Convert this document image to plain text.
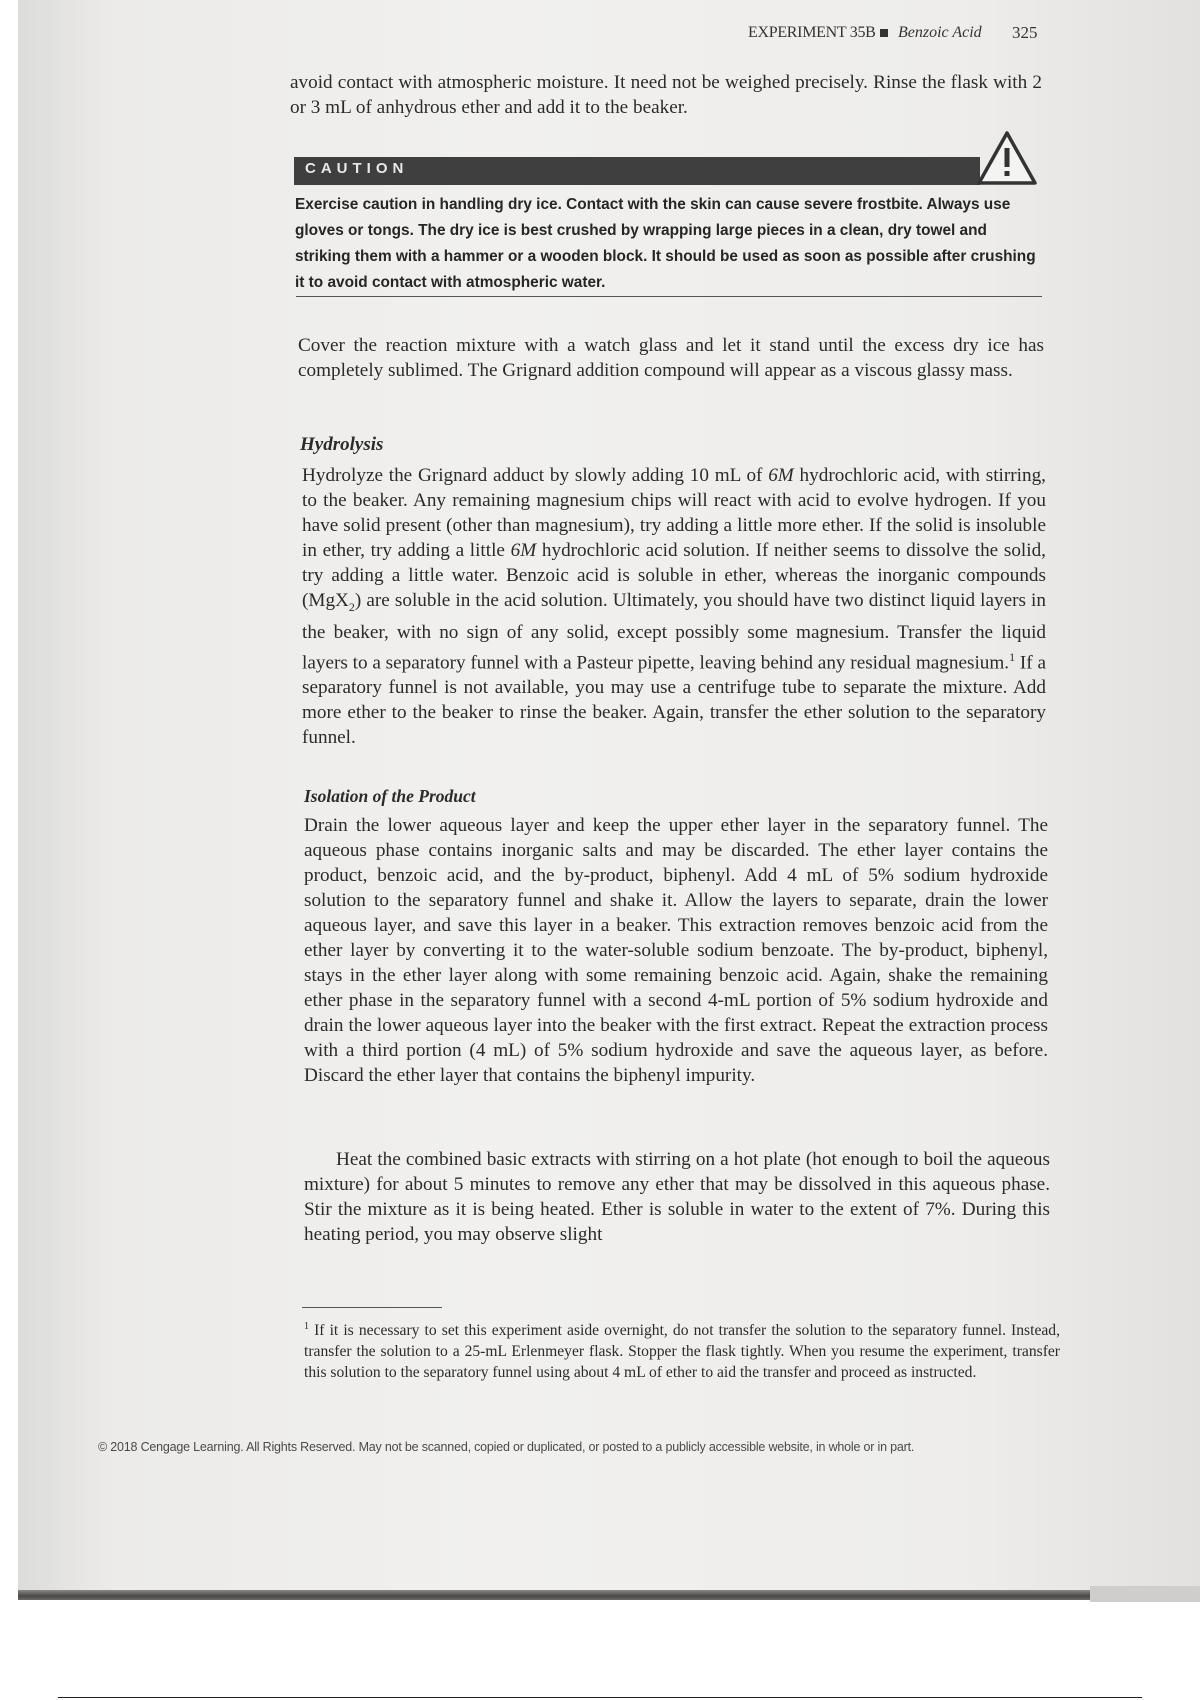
EXPERIMENT 35B Benzoic Acid 325

avoid contact with atmospheric moisture. It need not be weighed precisely. Rinse the flask with 2 or 3 mL of anhydrous ether and add it to the beaker.

CAUTION

Exercise caution in handling dry ice. Contact with the skin can cause severe frostbite. Always use gloves or tongs. The dry ice is best crushed by wrapping large pieces in a clean, dry towel and striking them with a hammer or a wooden block. It should be used as soon as possible after crushing it to avoid contact with atmospheric water.

Cover the reaction mixture with a watch glass and let it stand until the excess dry ice has completely sublimed. The Grignard addition compound will appear as a viscous glassy mass.

Hydrolysis

Hydrolyze the Grignard adduct by slowly adding 10 mL of 6M hydrochloric acid, with stirring, to the beaker. Any remaining magnesium chips will react with acid to evolve hydrogen. If you have solid present (other than magnesium), try adding a little more ether. If the solid is insoluble in ether, try adding a little 6M hydrochloric acid solution. If neither seems to dissolve the solid, try adding a little water. Benzoic acid is soluble in ether, whereas the inorganic compounds (MgX$_2$) are soluble in the acid solution. Ultimately, you should have two distinct liquid layers in the beaker, with no sign of any solid, except possibly some magnesium. Transfer the liquid layers to a separatory funnel with a Pasteur pipette, leaving behind any residual magnesium.$^1$ If a separatory funnel is not available, you may use a centrifuge tube to separate the mixture. Add more ether to the beaker to rinse the beaker. Again, transfer the ether solution to the separatory funnel.

Isolation of the Product

Drain the lower aqueous layer and keep the upper ether layer in the separatory funnel. The aqueous phase contains inorganic salts and may be discarded. The ether layer contains the product, benzoic acid, and the by-product, biphenyl. Add 4 mL of 5% sodium hydroxide solution to the separatory funnel and shake it. Allow the layers to separate, drain the lower aqueous layer, and save this layer in a beaker. This extraction removes benzoic acid from the ether layer by converting it to the water-soluble sodium benzoate. The by-product, biphenyl, stays in the ether layer along with some remaining benzoic acid. Again, shake the remaining ether phase in the separatory funnel with a second 4-mL portion of 5% sodium hydroxide and drain the lower aqueous layer into the beaker with the first extract. Repeat the extraction process with a third portion (4 mL) of 5% sodium hydroxide and save the aqueous layer, as before. Discard the ether layer that contains the biphenyl impurity.

Heat the combined basic extracts with stirring on a hot plate (hot enough to boil the aqueous mixture) for about 5 minutes to remove any ether that may be dissolved in this aqueous phase. Stir the mixture as it is being heated. Ether is soluble in water to the extent of 7%. During this heating period, you may observe slight

$^1$ If it is necessary to set this experiment aside overnight, do not transfer the solution to the separatory funnel. Instead, transfer the solution to a 25-mL Erlenmeyer flask. Stopper the flask tightly. When you resume the experiment, transfer this solution to the separatory funnel using about 4 mL of ether to aid the transfer and proceed as instructed.

© 2018 Cengage Learning. All Rights Reserved. May not be scanned, copied or duplicated, or posted to a publicly accessible website, in whole or in part.
